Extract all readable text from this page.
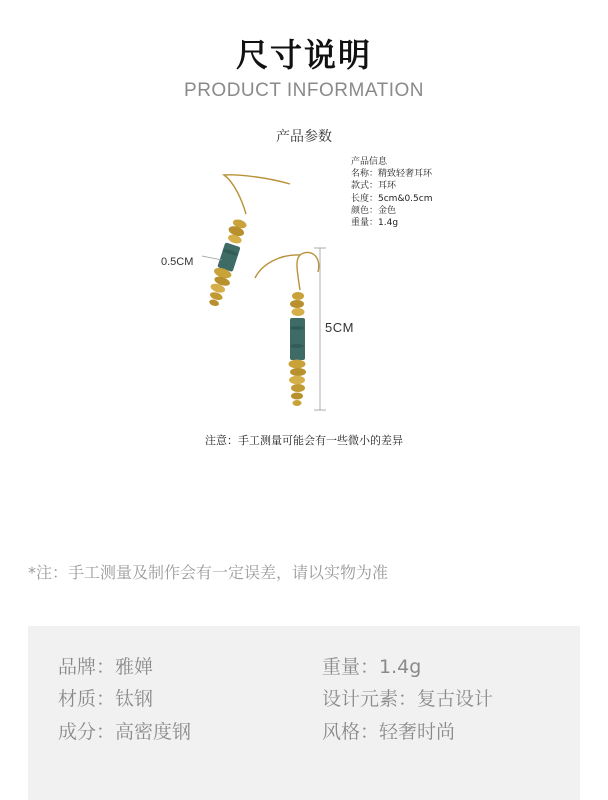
尺寸说明
PRODUCT INFORMATION
产品参数
产品信息
名称：精致轻奢耳环
款式：耳环
长度：5cm&0.5cm
颜色：金色
重量：1.4g
0.5CM
5CM
注意：手工测量可能会有一些微小的差异
*注：手工测量及制作会有一定误差，请以实物为准
品牌：雅婵
材质：钛钢
成分：高密度钢
重量：1.4g
设计元素：复古设计
风格：轻奢时尚
